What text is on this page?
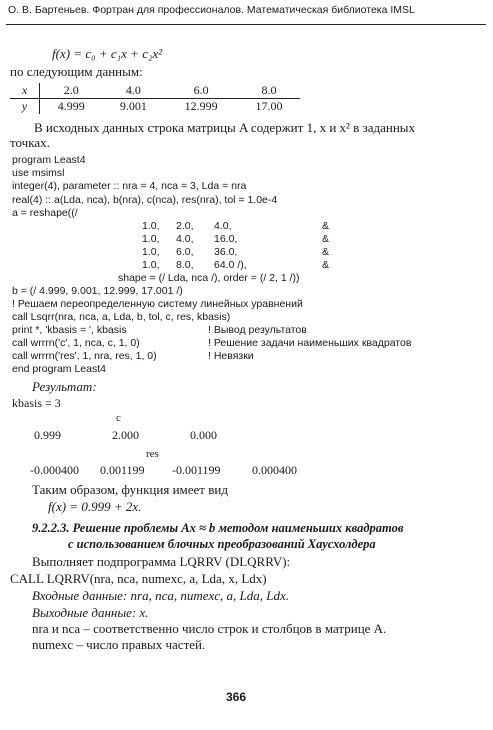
О. В. Бартеньев. Фортран для профессионалов. Математическая библиотека IMSL
f(x) = c₀ + c₁x + c₂x²
по следующим данным:
x	2.0	4.0	6.0	8.0
y	4.999	9.001	12.999	17.00
В исходных данных строка матрицы A содержит 1, x и x² в заданных
точках.
program Least4
use msimsl
integer(4), parameter :: nra = 4, nca = 3, Lda = nra
real(4) :: a(Lda, nca), b(nra), c(nca), res(nra), tol = 1.0e-4
a = reshape((/
1.0, 2.0, 4.0,	&
1.0, 4.0, 16.0,	&
1.0, 6.0, 36.0,	&
1.0, 8.0, 64.0 /),	&
shape = (/ Lda, nca /), order = (/ 2, 1 /))
b = (/ 4.999, 9.001, 12.999, 17.001 /)
! Решаем переопределенную систему линейных уравнений
call Lsqrr(nra, nca, a, Lda, b, tol, c, res, kbasis)
print *, 'kbasis = ', kbasis	! Вывод результатов
call wrrrn('c', 1, nca, c, 1, 0)	! Решение задачи наименьших квадратов
call wrrrn('res', 1, nra, res, 1, 0)	! Невязки
end program Least4
Результат:
kbasis = 3
c
0.999	2.000	0.000
res
-0.000400 0.001199 -0.001199	0.000400
Таким образом, функция имеет вид
f(x) = 0.999 + 2x.
9.2.2.3. Решение проблемы Ax ≈ b методом наименьших квадратов
с использованием блочных преобразований Хаусхолдера
Выполняет подпрограмма LQRRV (DLQRRV):
CALL LQRRV(nra, nca, numexc, a, Lda, x, Ldx)
Входные данные: nra, nca, numexc, a, Lda, Ldx.
Выходные данные: x.
nra и nca – соответственно число строк и столбцов в матрице A.
numexc – число правых частей.
366
